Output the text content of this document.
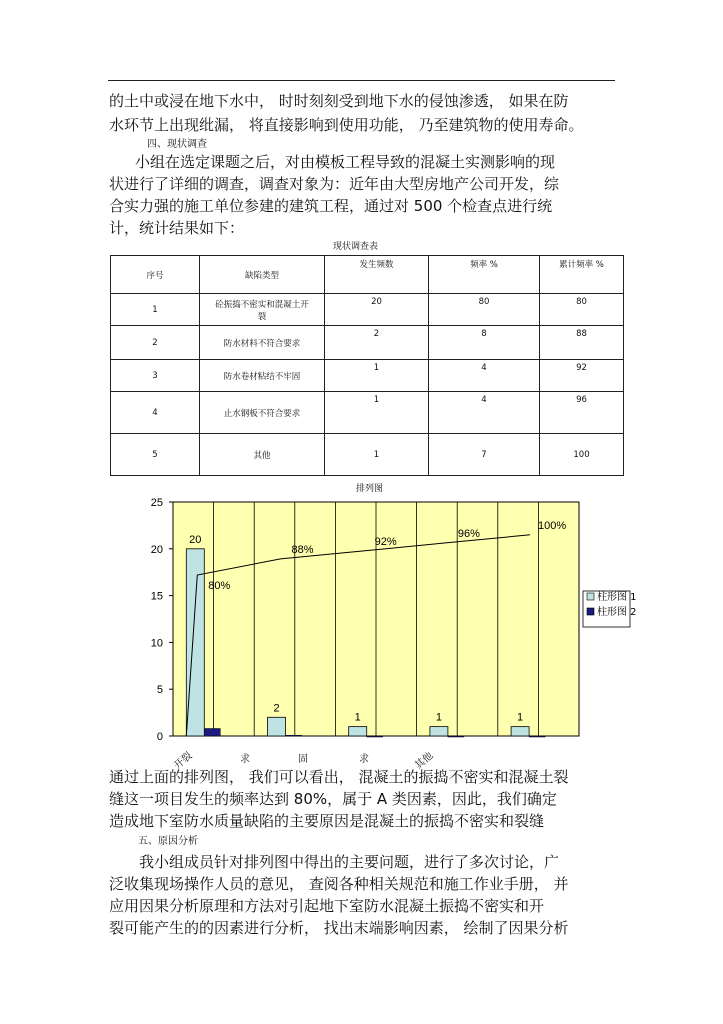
的土中或浸在地下水中， 时时刻刻受到地下水的侵蚀渗透， 如果在防
水环节上出现纰漏， 将直接影响到使用功能， 乃至建筑物的使用寿命。
四、现状调查
小组在选定课题之后，对由模板工程导致的混凝土实测影响的现
状进行了详细的调查，调查对象为：近年由大型房地产公司开发，综
合实力强的施工单位参建的建筑工程，通过对 500 个检查点进行统
计，统计结果如下：
现状调查表
序号	缺陷类型	发生频数	频率 %	累计频率 %
1	砼振捣不密实和混凝土开
裂	20	80	80
2	防水材料不符合要求	2	8	88
3	防水卷材粘结不牢固	1	4	92
4	止水钢板不符合要求	1	4	96
5	其他	1	7	100
排列图
0
5
10
15
20
25
20
2
1	1	1
80%
88%
92%
96%
100%
柱形图 1
柱形图 2
开裂	求	固	求	其他
通过上面的排列图， 我们可以看出， 混凝土的振捣不密实和混凝土裂
缝这一项目发生的频率达到 80%，属于 A 类因素，因此，我们确定
造成地下室防水质量缺陷的主要原因是混凝土的振捣不密实和裂缝
五、原因分析
我小组成员针对排列图中得出的主要问题，进行了多次讨论，广
泛收集现场操作人员的意见， 查阅各种相关规范和施工作业手册， 并
应用因果分析原理和方法对引起地下室防水混凝土振捣不密实和开
裂可能产生的的因素进行分析， 找出末端影响因素， 绘制了因果分析
